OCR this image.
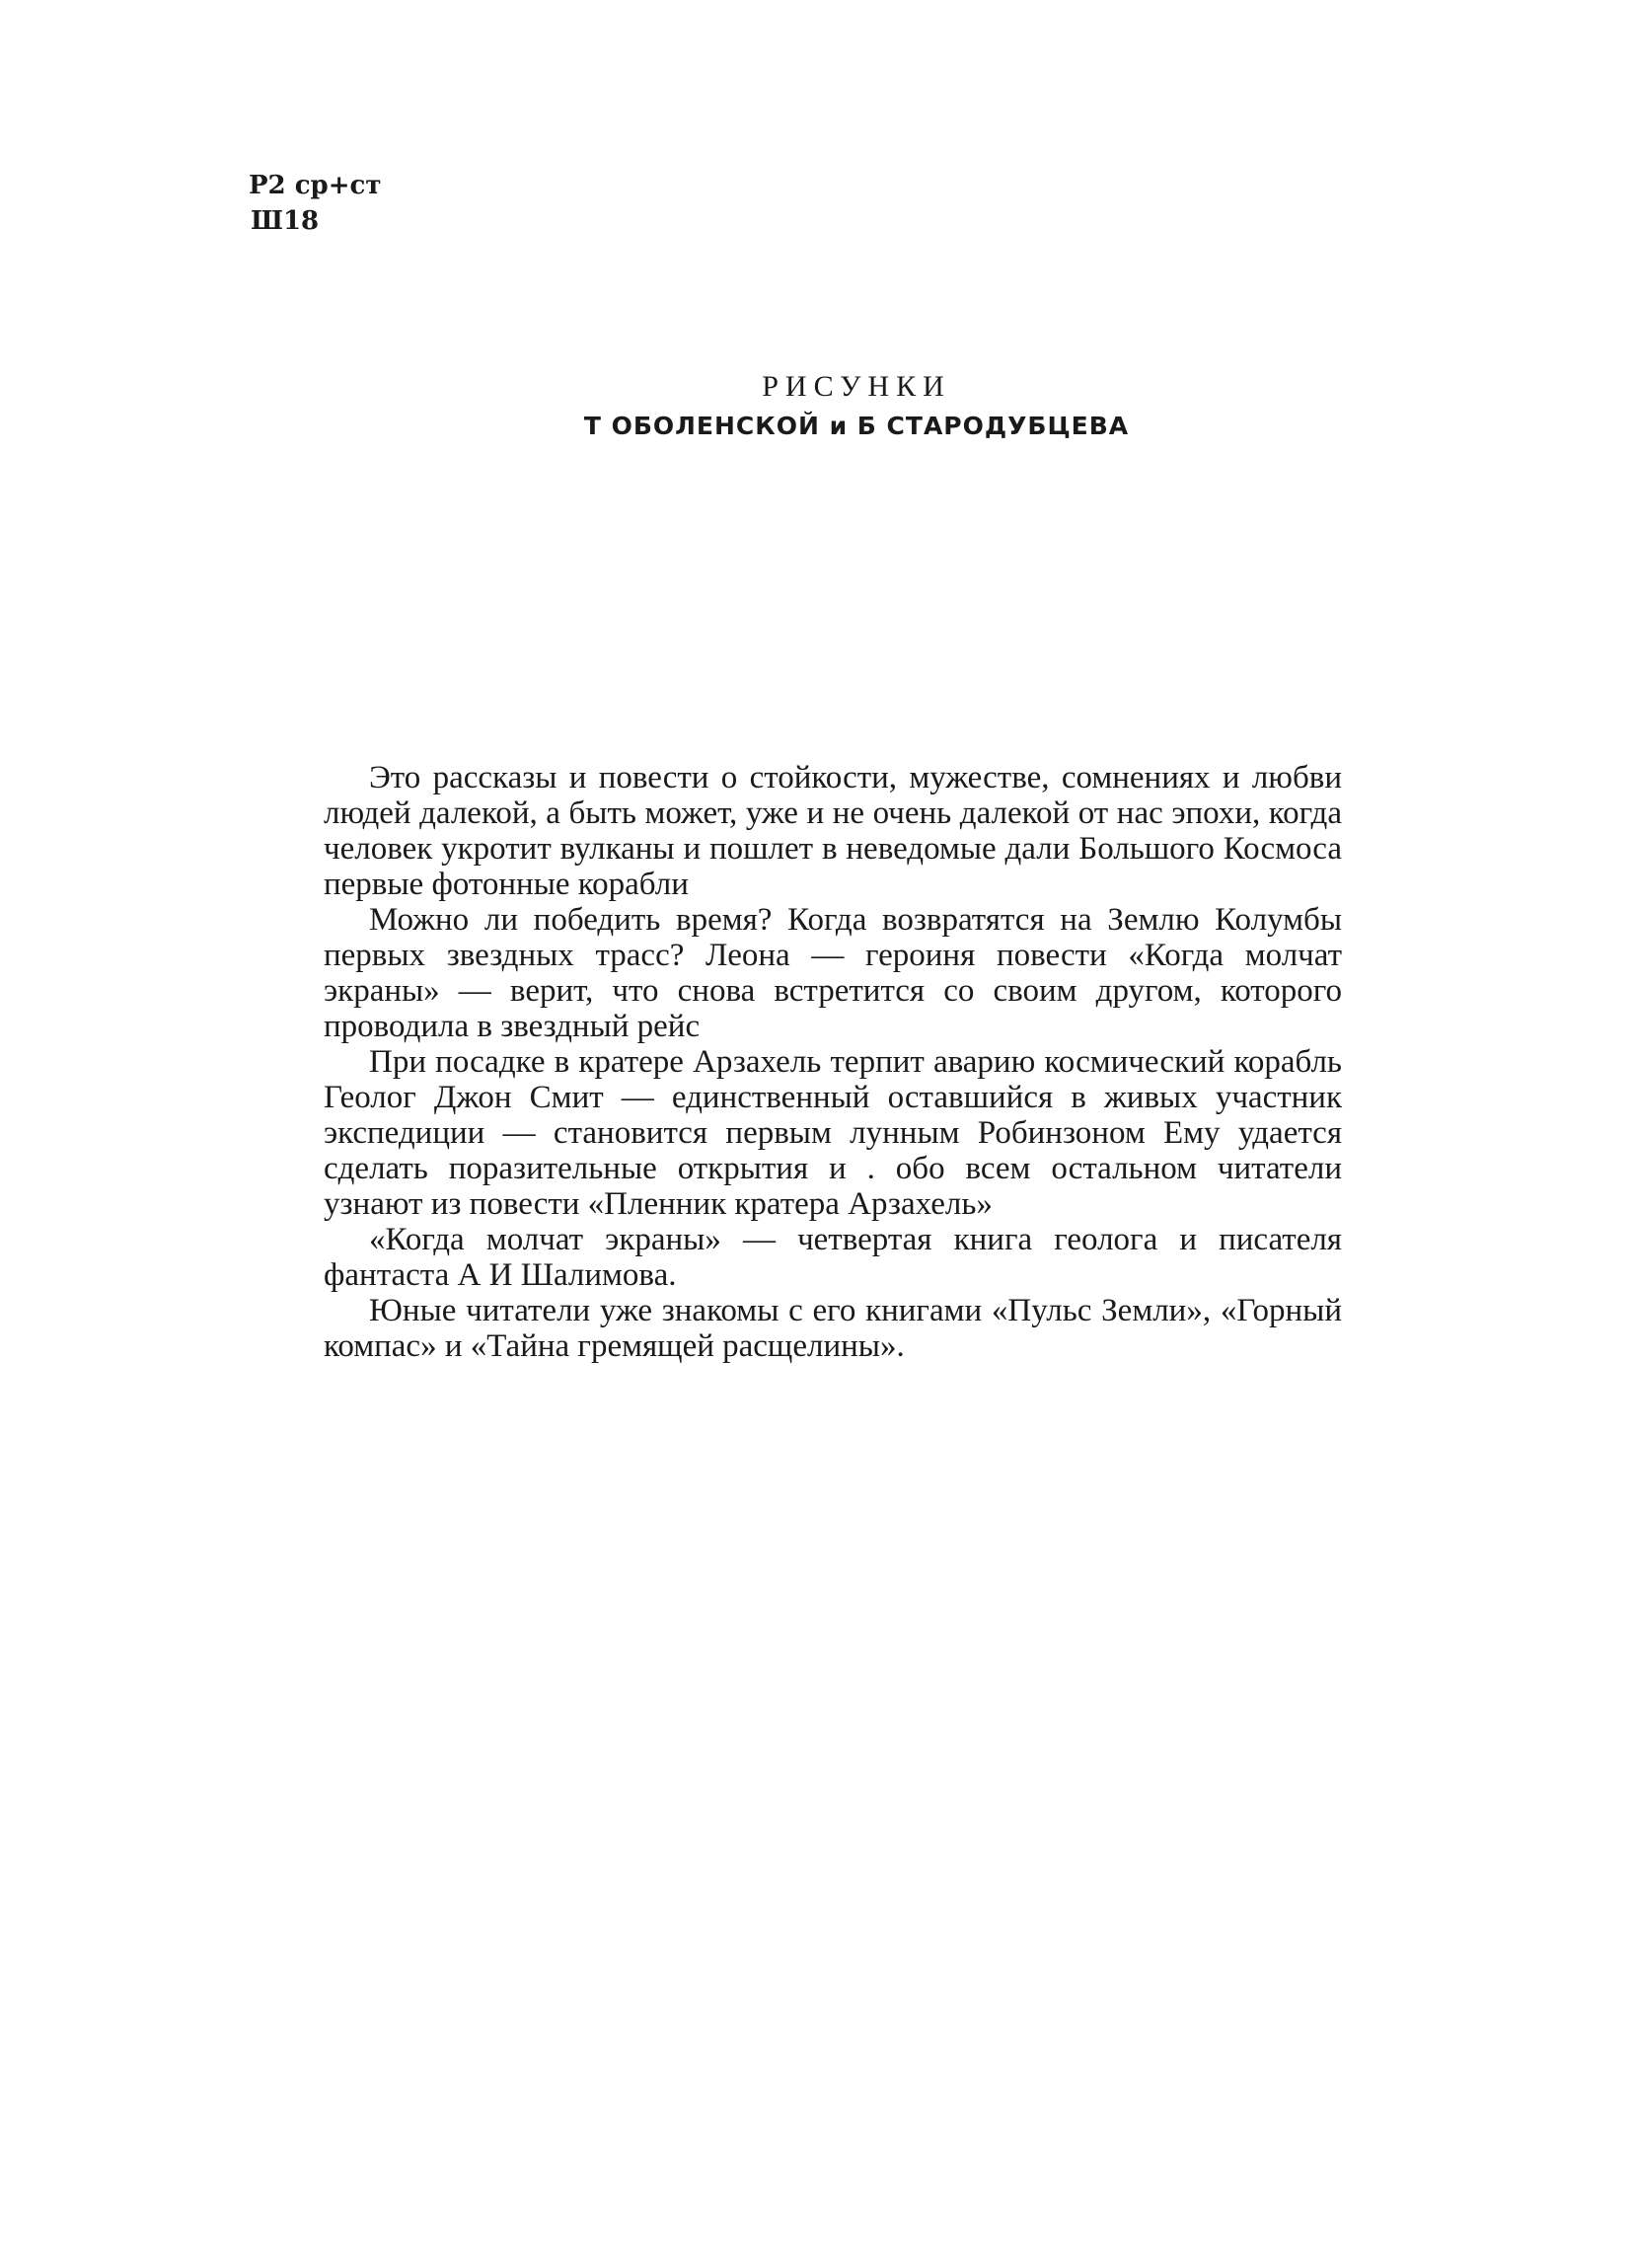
Р2 ср+ст
Ш18
РИСУНКИ
Т ОБОЛЕНСКОЙ и Б СТАРОДУБЦЕВА

Это рассказы и повести о стойкости, мужестве, сомнениях и любви людей далекой, а быть может, уже и не очень далекой от нас эпохи, когда человек укротит вулканы и пошлет в неведомые дали Большого Космоса первые фотонные корабли

Можно ли победить время? Когда возвратятся на Землю Колумбы первых звездных трасс? Леона — героиня повести «Когда молчат экраны» — верит, что снова встретится со своим другом, которого проводила в звездный рейс

При посадке в кратере Арзахель терпит аварию космический корабль Геолог Джон Смит — единственный оставшийся в живых участник экспедиции — становится первым лунным Робинзоном Ему удается сделать поразительные открытия и . обо всем остальном читатели узнают из повести «Пленник кратера Арзахель»

«Когда молчат экраны» — четвертая книга геолога и писателя фантаста А И Шалимова.

Юные читатели уже знакомы с его книгами «Пульс Земли», «Горный компас» и «Тайна гремящей расщелины».
